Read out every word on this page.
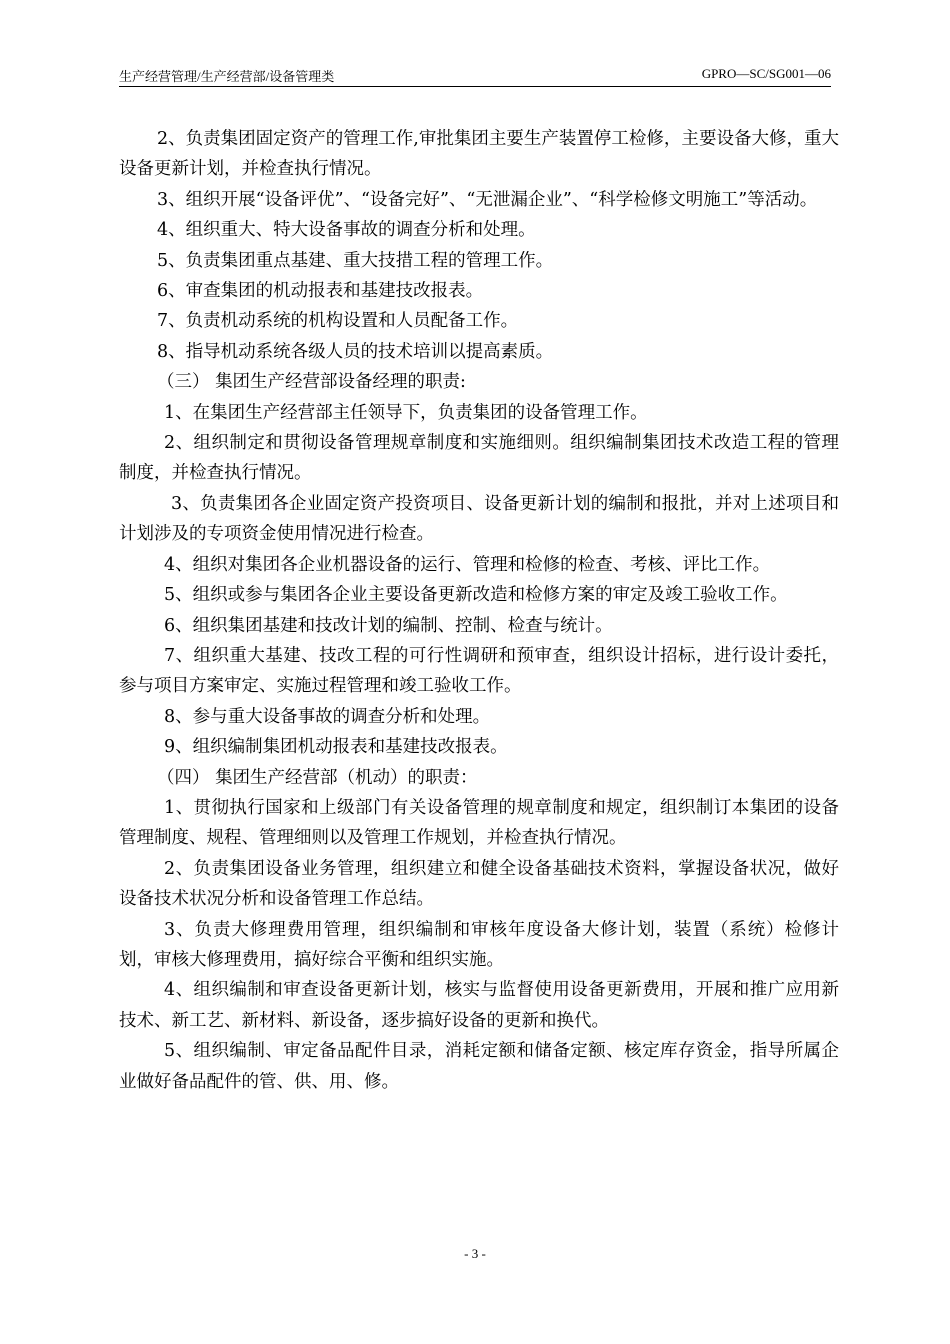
生产经营管理/生产经营部/设备管理类	GPRO—SC/SG001—06

2、负责集团固定资产的管理工作,审批集团主要生产装置停工检修，主要设备大修，重大设备更新计划，并检查执行情况。

3、组织开展“设备评优”、“设备完好”、“无泄漏企业”、“科学检修文明施工”等活动。

4、组织重大、特大设备事故的调查分析和处理。

5、负责集团重点基建、重大技措工程的管理工作。

6、审查集团的机动报表和基建技改报表。

7、负责机动系统的机构设置和人员配备工作。

8、指导机动系统各级人员的技术培训以提高素质。

（三） 集团生产经营部设备经理的职责:

1、在集团生产经营部主任领导下，负责集团的设备管理工作。

2、组织制定和贯彻设备管理规章制度和实施细则。组织编制集团技术改造工程的管理制度，并检查执行情况。

3、负责集团各企业固定资产投资项目、设备更新计划的编制和报批，并对上述项目和计划涉及的专项资金使用情况进行检查。

4、组织对集团各企业机器设备的运行、管理和检修的检查、考核、评比工作。

5、组织或参与集团各企业主要设备更新改造和检修方案的审定及竣工验收工作。

6、组织集团基建和技改计划的编制、控制、检查与统计。

7、组织重大基建、技改工程的可行性调研和预审查，组织设计招标，进行设计委托，参与项目方案审定、实施过程管理和竣工验收工作。

8、参与重大设备事故的调查分析和处理。

9、组织编制集团机动报表和基建技改报表。

（四） 集团生产经营部（机动）的职责：

1、贯彻执行国家和上级部门有关设备管理的规章制度和规定，组织制订本集团的设备管理制度、规程、管理细则以及管理工作规划，并检查执行情况。

2、负责集团设备业务管理，组织建立和健全设备基础技术资料，掌握设备状况，做好设备技术状况分析和设备管理工作总结。

3、负责大修理费用管理，组织编制和审核年度设备大修计划，装置（系统）检修计划，审核大修理费用，搞好综合平衡和组织实施。

4、组织编制和审查设备更新计划，核实与监督使用设备更新费用，开展和推广应用新技术、新工艺、新材料、新设备，逐步搞好设备的更新和换代。

5、组织编制、审定备品配件目录，消耗定额和储备定额、核定库存资金，指导所属企业做好备品配件的管、供、用、修。

- 3 -
